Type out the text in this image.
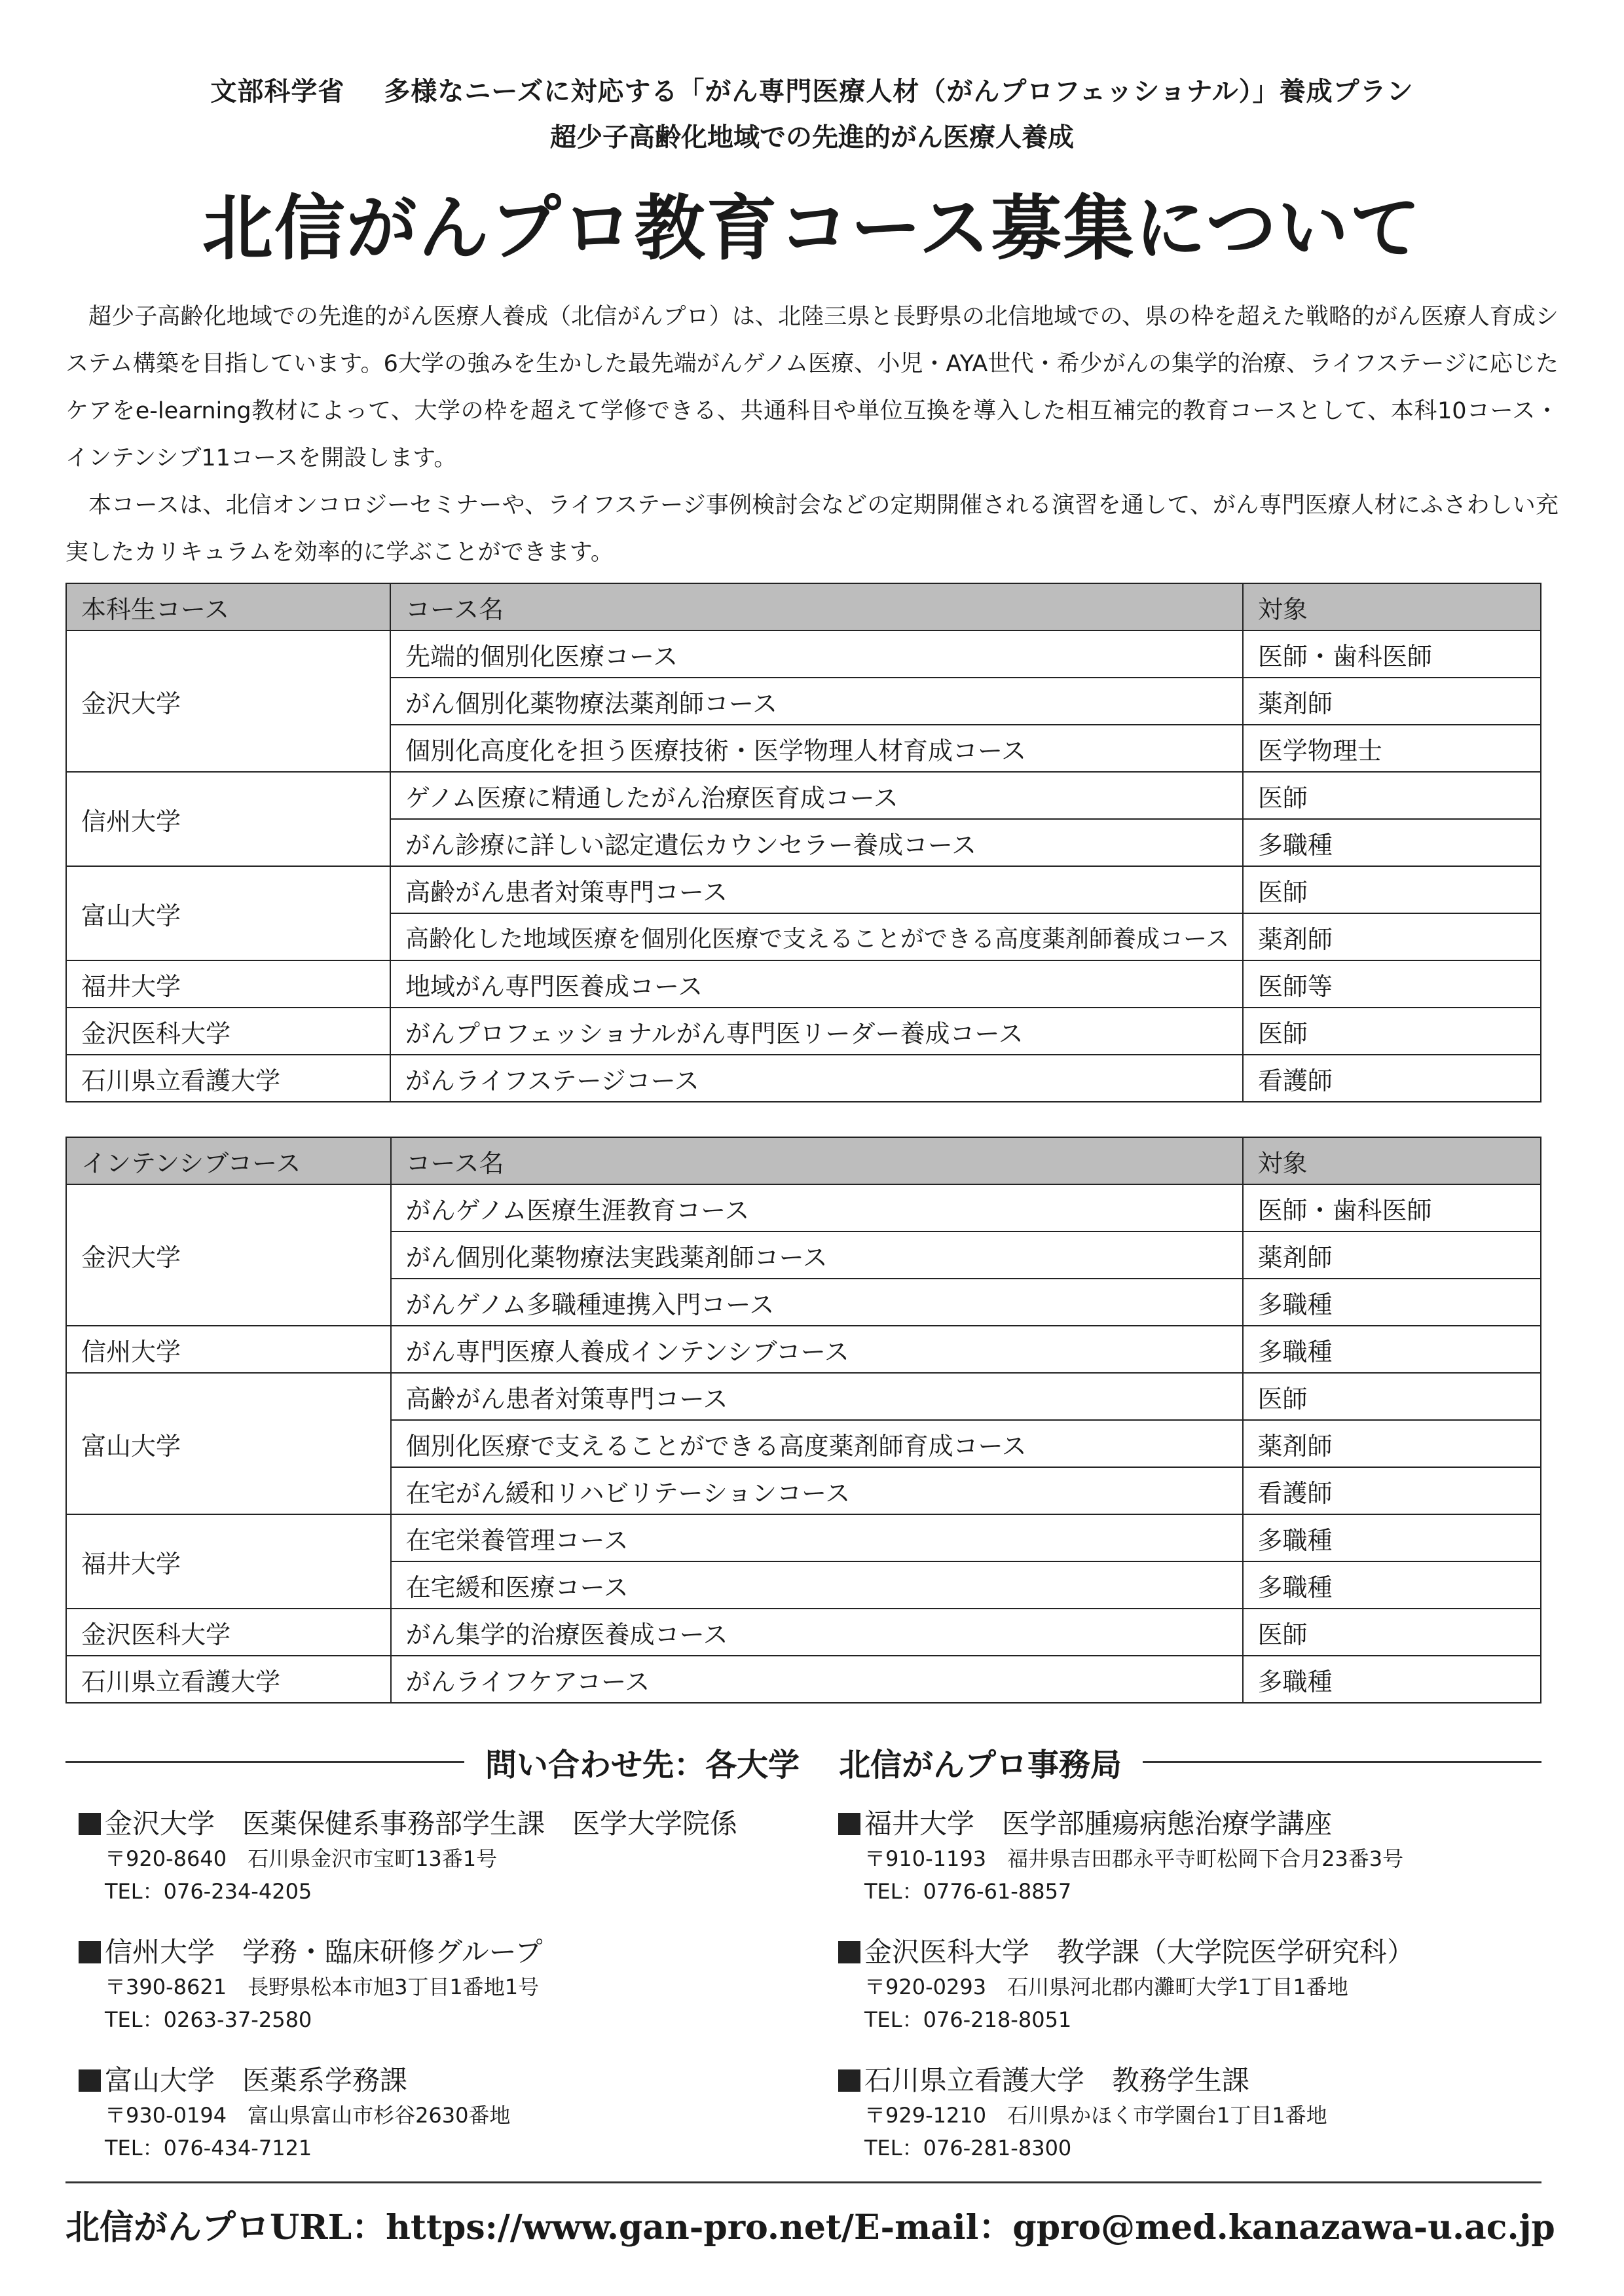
文部科学省 多様なニーズに対応する「がん専門医療人材（がんプロフェッショナル）」養成プラン
超少子高齢化地域での先進的がん医療人養成
北信がんプロ教育コース募集について

超少子高齢化地域での先進的がん医療人養成（北信がんプロ）は、北陸三県と長野県の北信地域での、県の枠を超えた戦略的がん医療人育成システム構築を目指しています。6大学の強みを生かした最先端がんゲノム医療、小児・AYA世代・希少がんの集学的治療、ライフステージに応じたケアをe-learning教材によって、大学の枠を超えて学修できる、共通科目や単位互換を導入した相互補完的教育コースとして、本科10コース・インテンシブ11コースを開設します。

本コースは、北信オンコロジーセミナーや、ライフステージ事例検討会などの定期開催される演習を通して、がん専門医療人材にふさわしい充実したカリキュラムを効率的に学ぶことができます。

本科生コース	コース名	対象
金沢大学	先端的個別化医療コース	医師・歯科医師
	がん個別化薬物療法薬剤師コース	薬剤師
	個別化高度化を担う医療技術・医学物理人材育成コース	医学物理士
信州大学	ゲノム医療に精通したがん治療医育成コース	医師
	がん診療に詳しい認定遺伝カウンセラー養成コース	多職種
富山大学	高齢がん患者対策専門コース	医師
	高齢化した地域医療を個別化医療で支えることができる高度薬剤師養成コース	薬剤師
福井大学	地域がん専門医養成コース	医師等
金沢医科大学	がんプロフェッショナルがん専門医リーダー養成コース	医師
石川県立看護大学	がんライフステージコース	看護師
インテンシブコース	コース名	対象
金沢大学	がんゲノム医療生涯教育コース	医師・歯科医師
	がん個別化薬物療法実践薬剤師コース	薬剤師
	がんゲノム多職種連携入門コース	多職種
信州大学	がん専門医療人養成インテンシブコース	多職種
富山大学	高齢がん患者対策専門コース	医師
	個別化医療で支えることができる高度薬剤師育成コース	薬剤師
	在宅がん緩和リハビリテーションコース	看護師
福井大学	在宅栄養管理コース	多職種
	在宅緩和医療コース	多職種
金沢医科大学	がん集学的治療医養成コース	医師
石川県立看護大学	がんライフケアコース	多職種
問い合わせ先：各大学 北信がんプロ事務局
金沢大学　医薬保健系事務部学生課　医学大学院係
〒920-8640　石川県金沢市宝町13番1号
TEL：076-234-4205
信州大学　学務・臨床研修グループ
〒390-8621　長野県松本市旭3丁目1番地1号
TEL：0263-37-2580
富山大学　医薬系学務課
〒930-0194　富山県富山市杉谷2630番地
TEL：076-434-7121
福井大学　医学部腫瘍病態治療学講座
〒910-1193　福井県吉田郡永平寺町松岡下合月23番3号
TEL：0776-61-8857
金沢医科大学　教学課（大学院医学研究科）
〒920-0293　石川県河北郡内灘町大学1丁目1番地
TEL：076-218-8051
石川県立看護大学　教務学生課
〒929-1210　石川県かほく市学園台1丁目1番地
TEL：076-281-8300
北信がんプロURL：https://www.gan-pro.net/ E-mail：gpro@med.kanazawa-u.ac.jp
